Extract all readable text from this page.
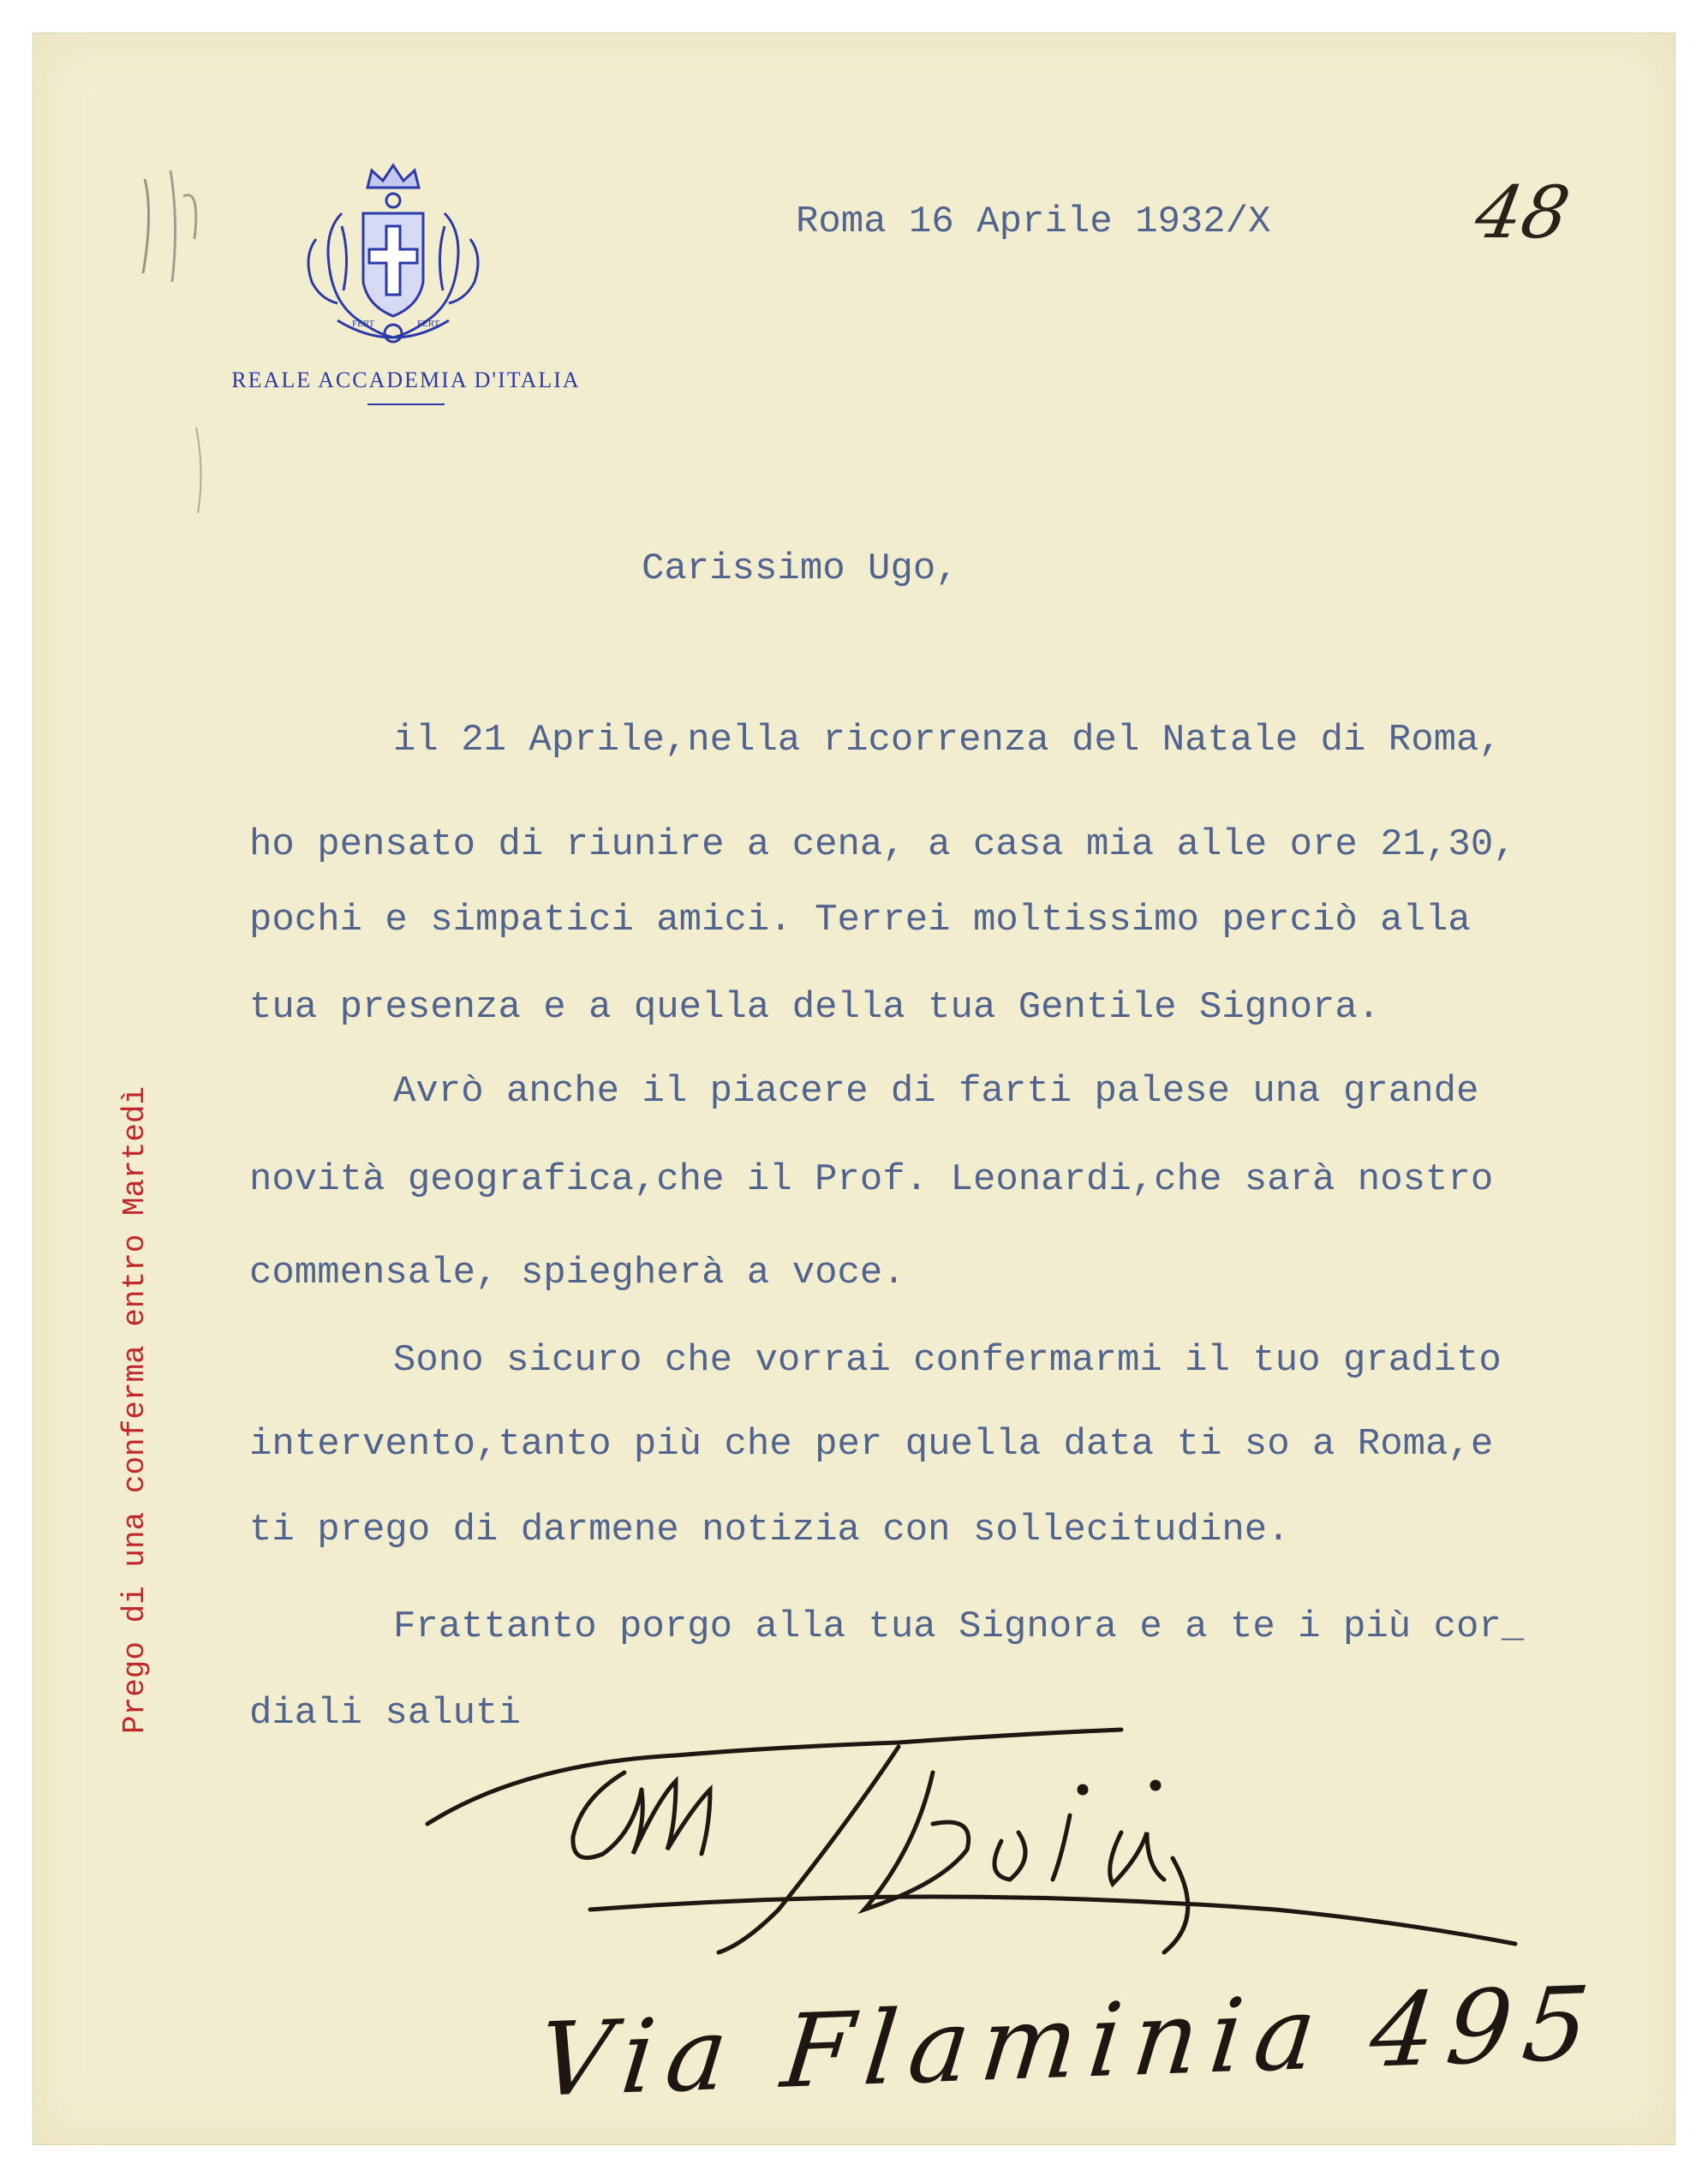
FERT	FERT
REALE ACCADEMIA D'ITALIA
Roma 16 Aprile 1932/X	48
Carissimo Ugo,
il 21 Aprile,nella ricorrenza del Natale di Roma,
ho pensato di riunire a cena, a casa mia alle ore 21,30,
pochi e simpatici amici. Terrei moltissimo perciò alla
tua presenza e a quella della tua Gentile Signora.
Avrò anche il piacere di farti palese una grande
novità geografica,che il Prof. Leonardi,che sarà nostro
commensale, spiegherà a voce.
Sono sicuro che vorrai confermarmi il tuo gradito
intervento,tanto più che per quella data ti so a Roma,e
ti prego di darmene notizia con sollecitudine.
Frattanto porgo alla tua Signora e a te i più cor_
diali saluti
Prego di una conferma entro Martedì
Via Flaminia 495
